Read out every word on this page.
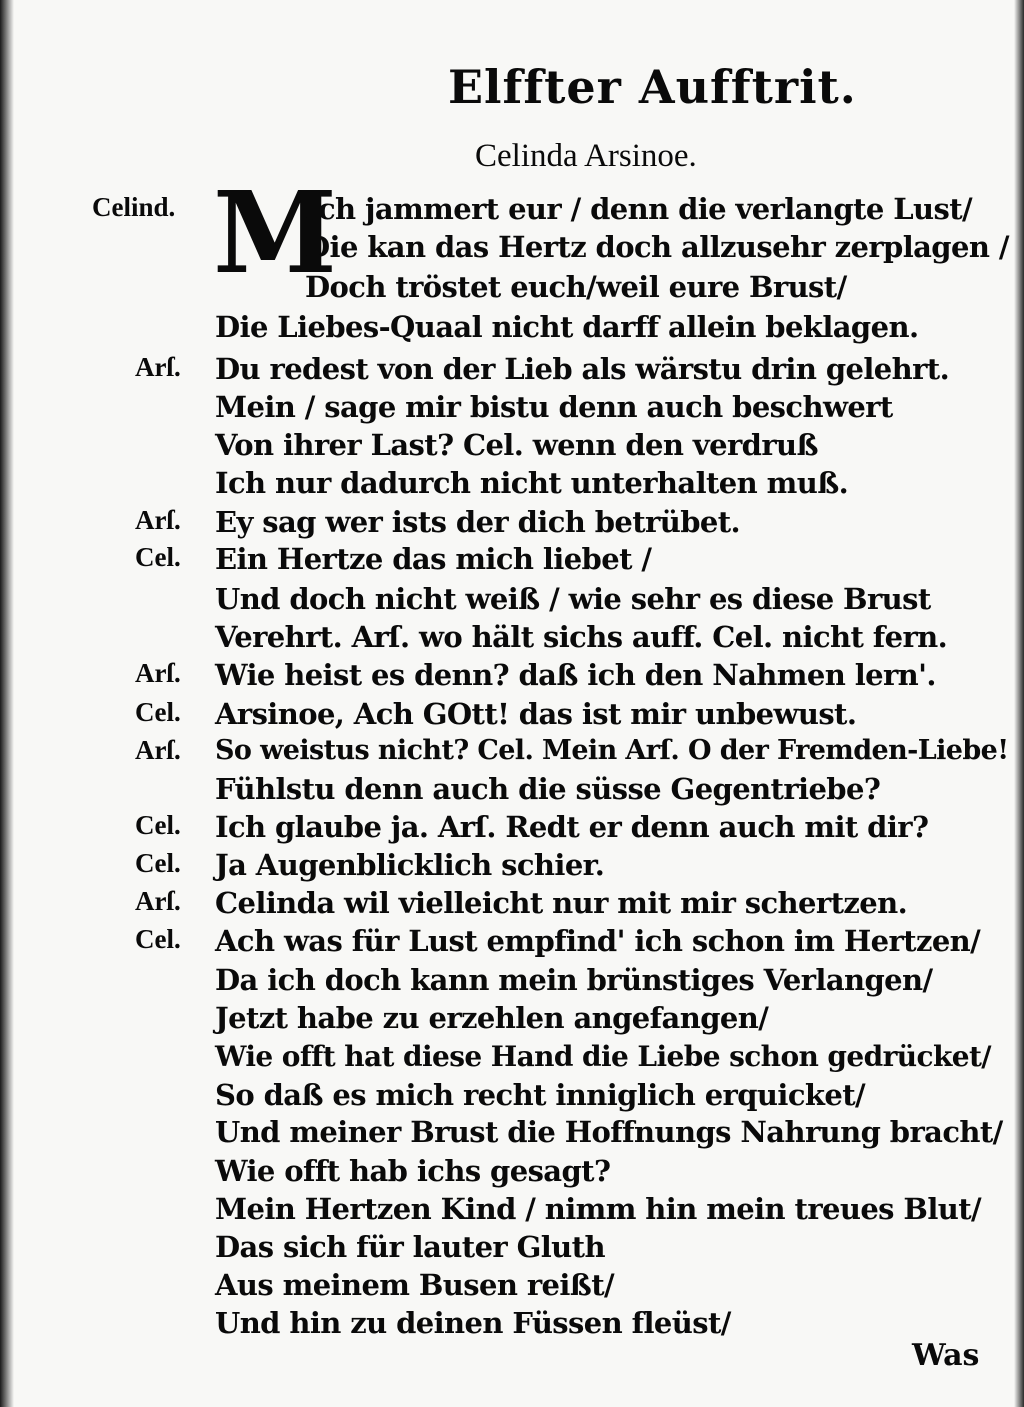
Elffter Aufftrit.
Celinda Arsinoe.
M
Celind.	Ich jammert eur / denn die verlangte Lust/
Die kan das Hertz doch allzusehr zerplagen /
Doch tröstet euch/weil eure Brust/
Die Liebes-Quaal nicht darff allein beklagen.
Arſ. Du redest von der Lieb als wärstu drin gelehrt.
Mein / sage mir bistu denn auch beschwert
Von ihrer Last? Cel. wenn den verdruß
Ich nur dadurch nicht unterhalten muß.
Arſ. Ey sag wer ists der dich betrübet.
Cel. Ein Hertze das mich liebet /
Und doch nicht weiß / wie sehr es diese Brust
Verehrt. Arſ. wo hält sichs auff. Cel. nicht fern.
Arſ. Wie heist es denn? daß ich den Nahmen lern'.
Cel. Arsinoe, Ach GOtt! das ist mir unbewust.
Arſ. So weistus nicht? Cel. Mein Arſ. O der Fremden-Liebe!
Fühlstu denn auch die süsse Gegentriebe?
Cel. Ich glaube ja. Arſ. Redt er denn auch mit dir?
Cel. Ja Augenblicklich schier.
Arſ. Celinda wil vielleicht nur mit mir schertzen.
Cel. Ach was für Lust empfind' ich schon im Hertzen/
Da ich doch kann mein brünstiges Verlangen/
Jetzt habe zu erzehlen angefangen/
Wie offt hat diese Hand die Liebe schon gedrücket/
So daß es mich recht inniglich erquicket/
Und meiner Brust die Hoffnungs Nahrung bracht/
Wie offt hab ichs gesagt?
Mein Hertzen Kind / nimm hin mein treues Blut/
Das sich für lauter Gluth
Aus meinem Busen reißt/
Und hin zu deinen Füssen fleüst/
Was
